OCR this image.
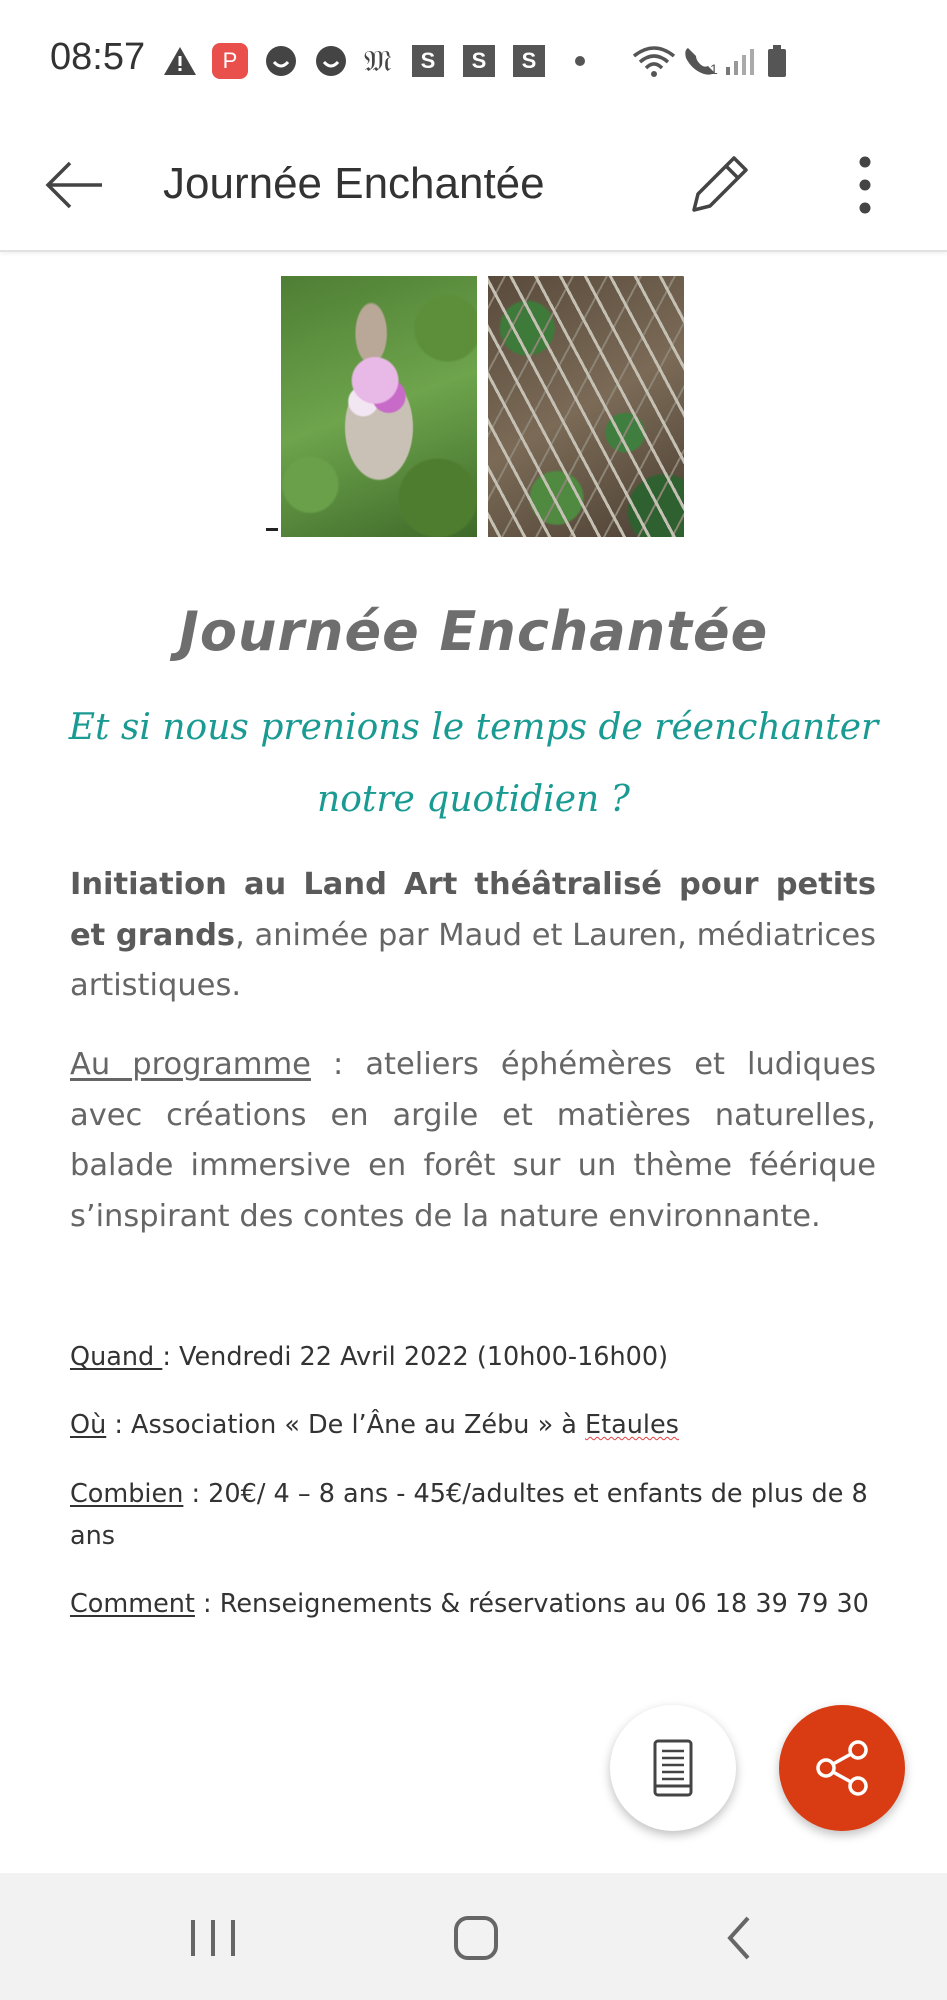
08:57	P	𝔐	S	S	S	1
Journée Enchantée
Journée Enchantée
Et si nous prenions le temps de réenchanter notre quotidien ?
Initiation au Land Art théâtralisé pour petits et grands, animée par Maud et Lauren, médiatrices artistiques.
Au programme : ateliers éphémères et ludiques avec créations en argile et matières naturelles, balade immersive en forêt sur un thème féérique s’inspirant des contes de la nature environnante.
Quand : Vendredi 22 Avril 2022 (10h00-16h00)
Où : Association « De l’Âne au Zébu » à Etaules
Combien : 20€/ 4 – 8 ans - 45€/adultes et enfants de plus de 8 ans
Comment : Renseignements & réservations au 06 18 39 79 30
